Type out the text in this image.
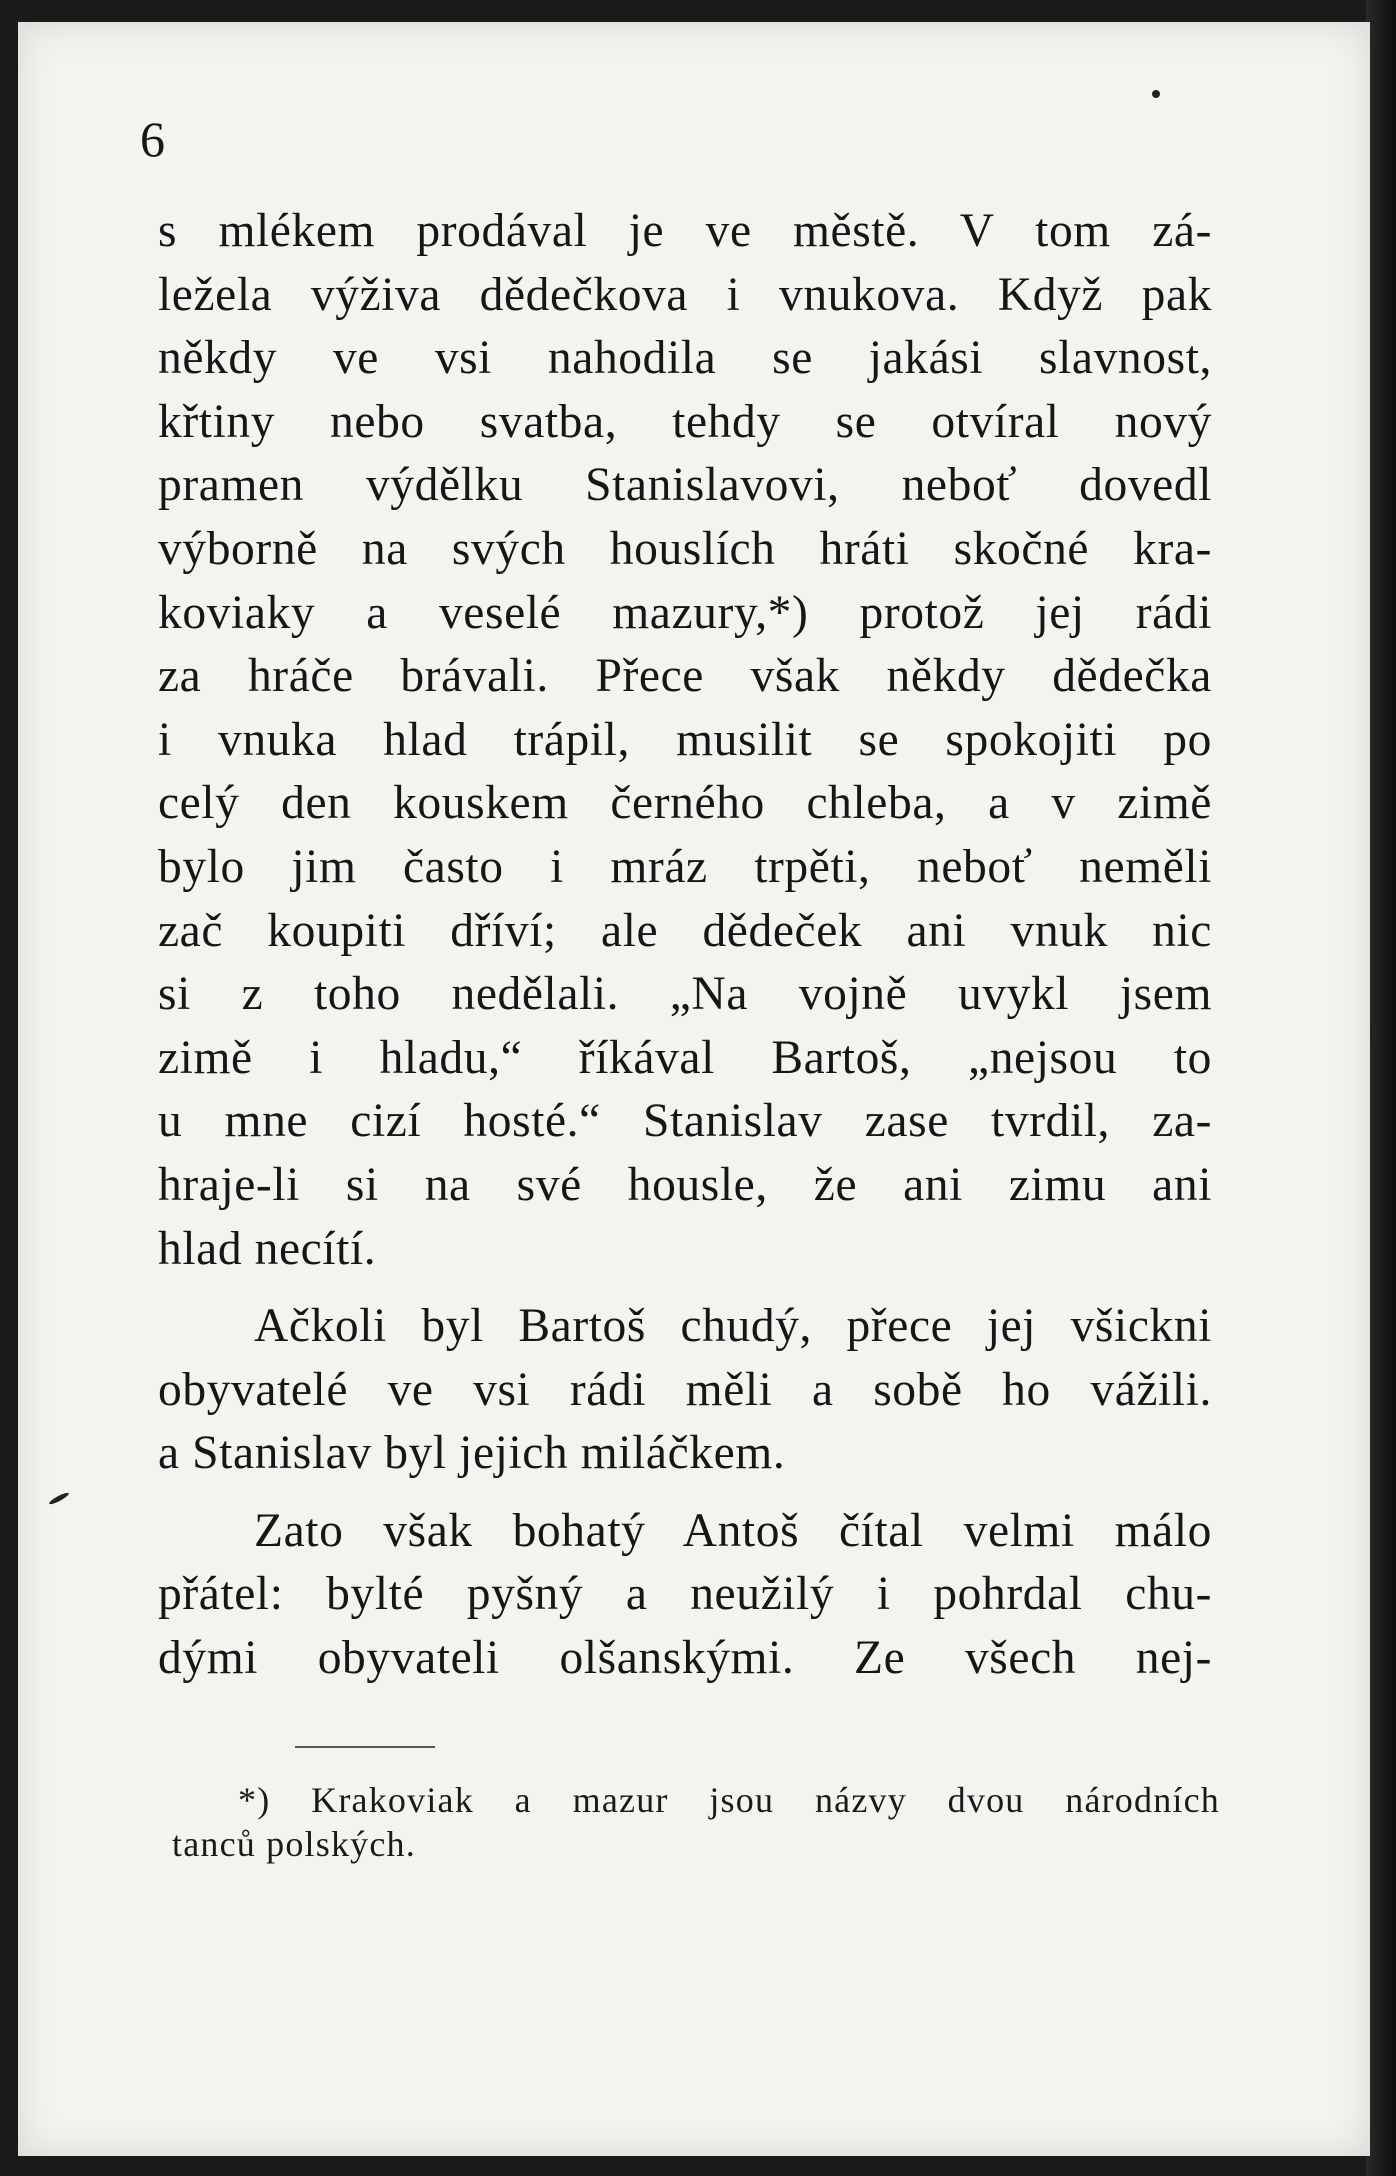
6
s mlékem prodával je ve městě. V tom zá-
ležela výživa dědečkova i vnukova. Když pak
někdy ve vsi nahodila se jakási slavnost,
křtiny nebo svatba, tehdy se otvíral nový
pramen výdělku Stanislavovi, neboť dovedl
výborně na svých houslích hráti skočné kra-
koviaky a veselé mazury,*) protož jej rádi
za hráče brávali. Přece však někdy dědečka
i vnuka hlad trápil, musilit se spokojiti po
celý den kouskem černého chleba, a v zimě
bylo jim často i mráz trpěti, neboť neměli
zač koupiti dříví; ale dědeček ani vnuk nic
si z toho nedělali. „Na vojně uvykl jsem
zimě i hladu,“ říkával Bartoš, „nejsou to
u mne cizí hosté.“ Stanislav zase tvrdil, za-
hraje-li si na své housle, že ani zimu ani
hlad necítí.
Ačkoli byl Bartoš chudý, přece jej všickni
obyvatelé ve vsi rádi měli a sobě ho vážili.
a Stanislav byl jejich miláčkem.
Zato však bohatý Antoš čítal velmi málo
přátel: bylté pyšný a neužilý i pohrdal chu-
dými obyvateli olšanskými. Ze všech nej-
*) Krakoviak a mazur jsou názvy dvou národních
tanců polských.
